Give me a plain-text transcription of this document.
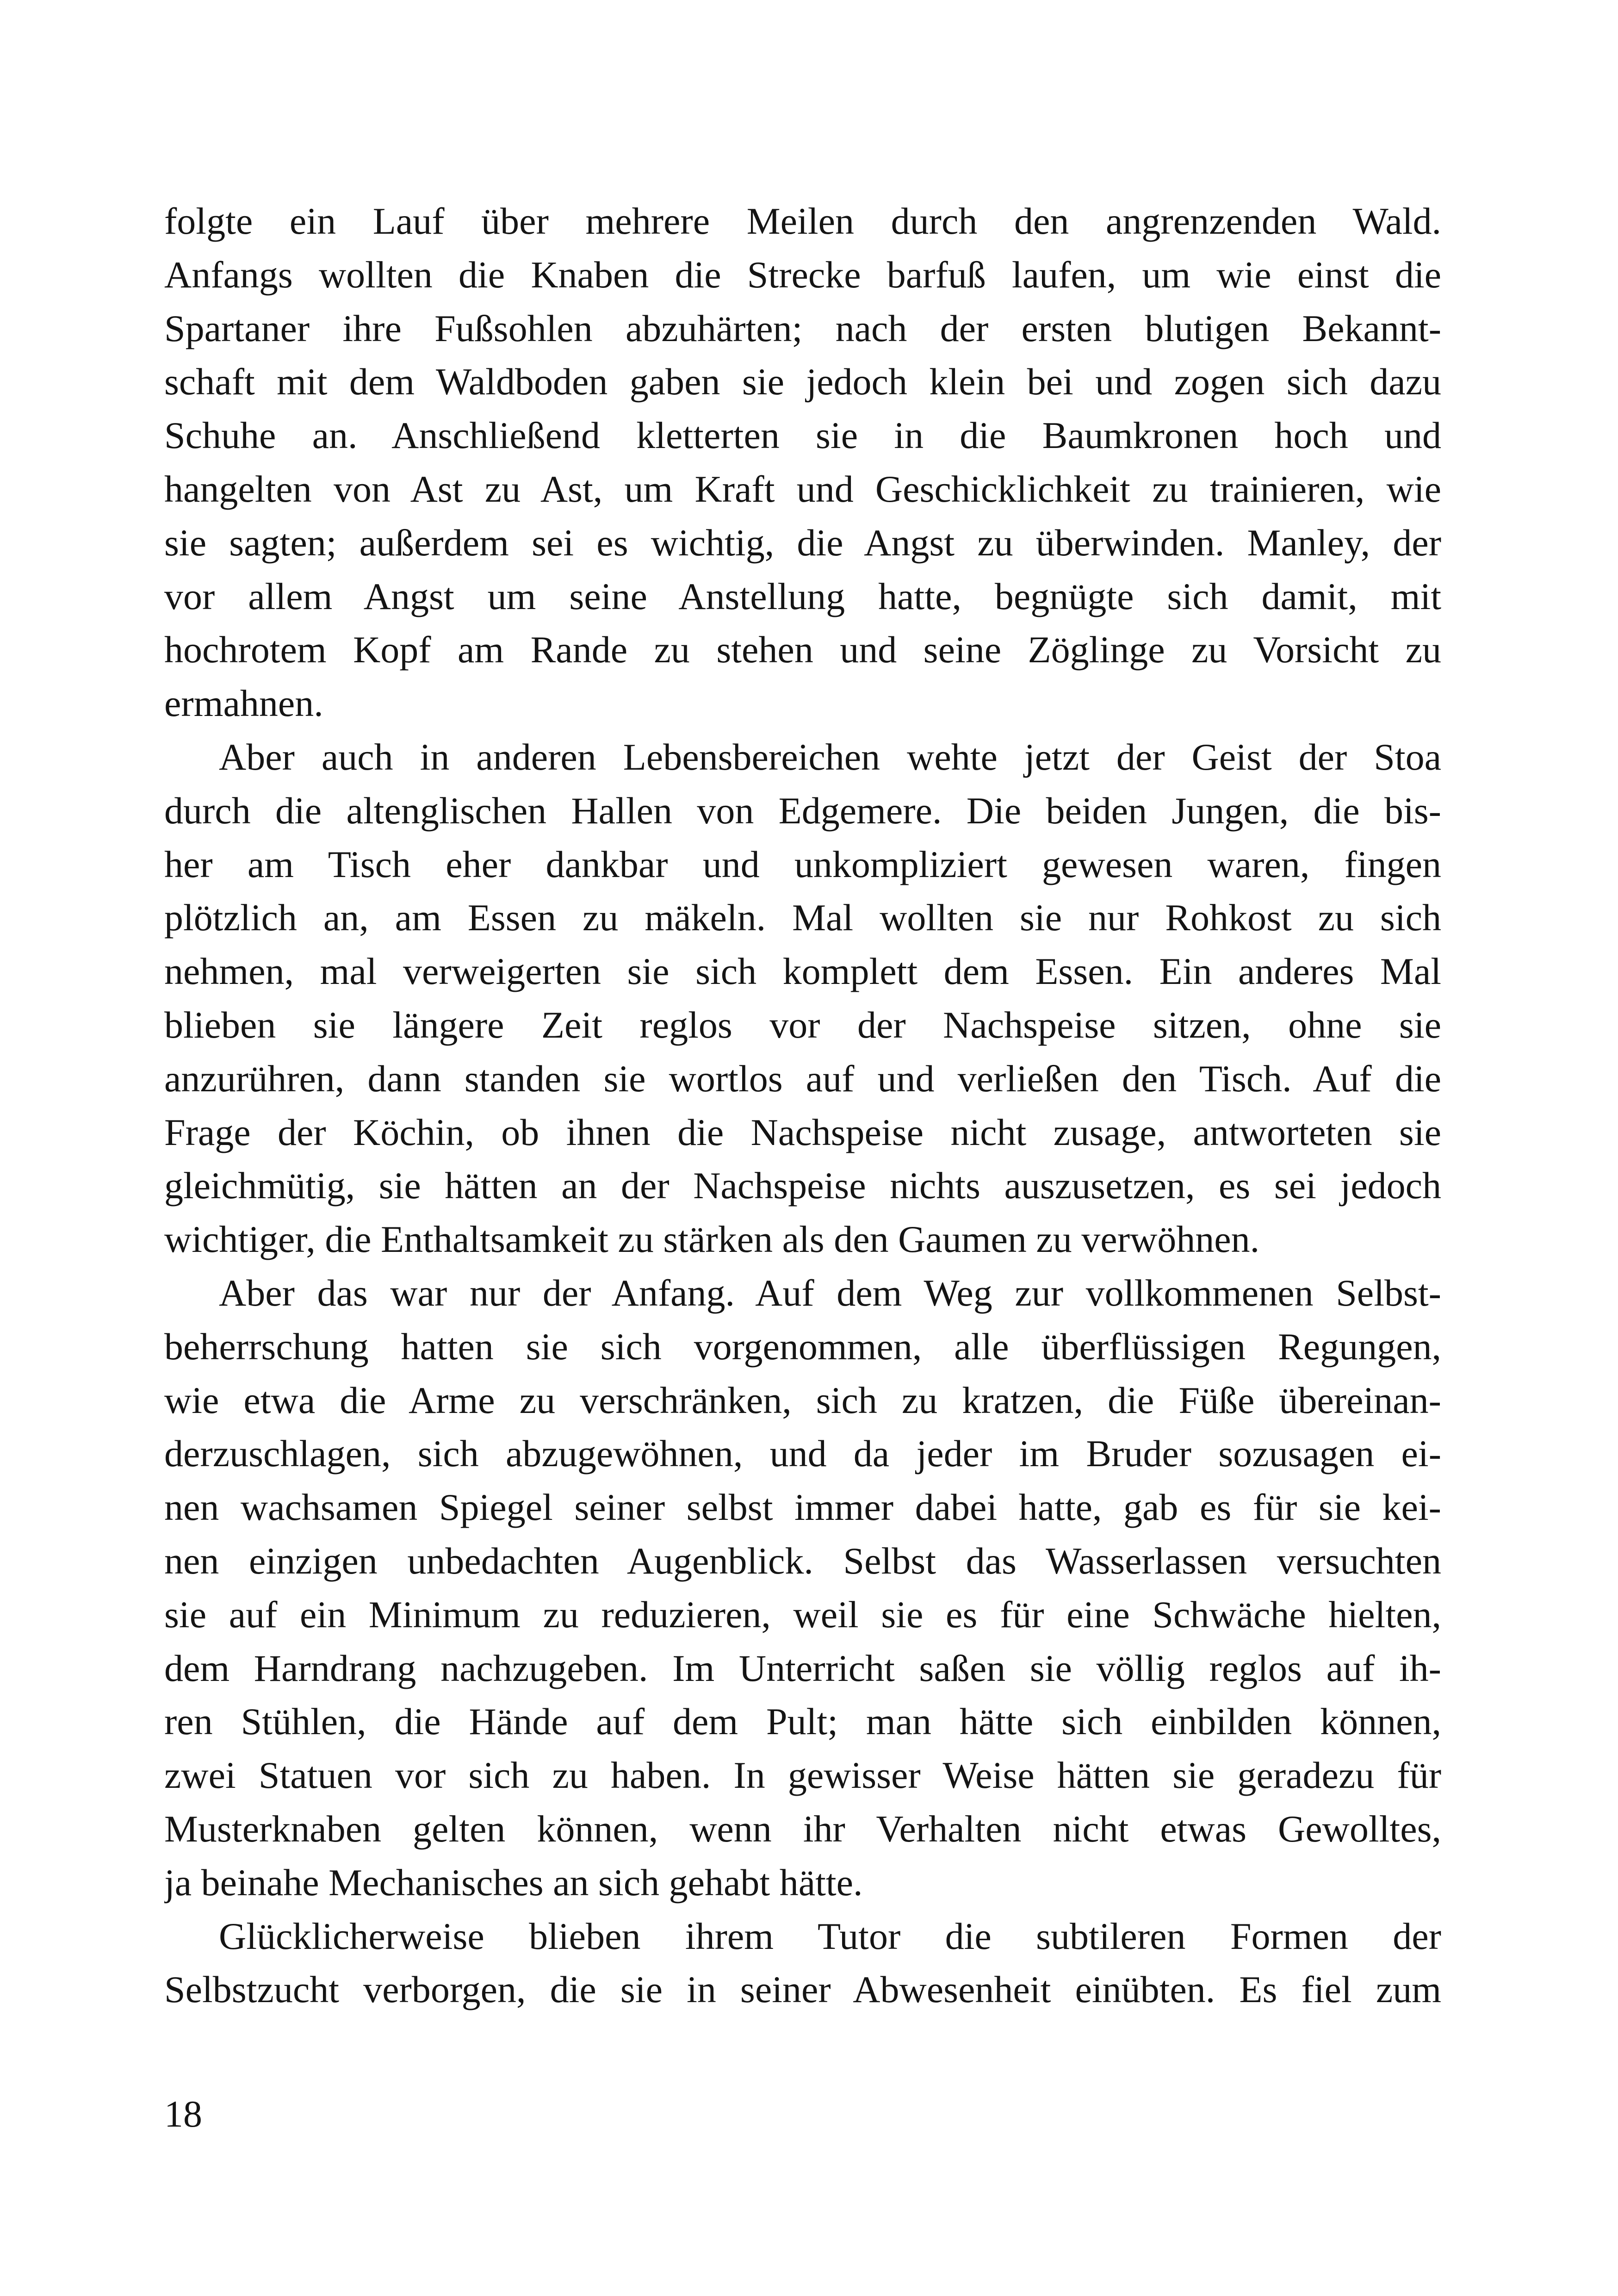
folgte ein Lauf über mehrere Meilen durch den angrenzenden Wald.
Anfangs wollten die Knaben die Strecke barfuß laufen, um wie einst die
Spartaner ihre Fußsohlen abzuhärten; nach der ersten blutigen Bekannt-
schaft mit dem Waldboden gaben sie jedoch klein bei und zogen sich dazu
Schuhe an. Anschließend kletterten sie in die Baumkronen hoch und
hangelten von Ast zu Ast, um Kraft und Geschicklichkeit zu trainieren, wie
sie sagten; außerdem sei es wichtig, die Angst zu überwinden. Manley, der
vor allem Angst um seine Anstellung hatte, begnügte sich damit, mit
hochrotem Kopf am Rande zu stehen und seine Zöglinge zu Vorsicht zu
ermahnen.
Aber auch in anderen Lebensbereichen wehte jetzt der Geist der Stoa
durch die altenglischen Hallen von Edgemere. Die beiden Jungen, die bis-
her am Tisch eher dankbar und unkompliziert gewesen waren, fingen
plötzlich an, am Essen zu mäkeln. Mal wollten sie nur Rohkost zu sich
nehmen, mal verweigerten sie sich komplett dem Essen. Ein anderes Mal
blieben sie längere Zeit reglos vor der Nachspeise sitzen, ohne sie
anzurühren, dann standen sie wortlos auf und verließen den Tisch. Auf die
Frage der Köchin, ob ihnen die Nachspeise nicht zusage, antworteten sie
gleichmütig, sie hätten an der Nachspeise nichts auszusetzen, es sei jedoch
wichtiger, die Enthaltsamkeit zu stärken als den Gaumen zu verwöhnen.
Aber das war nur der Anfang. Auf dem Weg zur vollkommenen Selbst-
beherrschung hatten sie sich vorgenommen, alle überflüssigen Regungen,
wie etwa die Arme zu verschränken, sich zu kratzen, die Füße übereinan-
derzuschlagen, sich abzugewöhnen, und da jeder im Bruder sozusagen ei-
nen wachsamen Spiegel seiner selbst immer dabei hatte, gab es für sie kei-
nen einzigen unbedachten Augenblick. Selbst das Wasserlassen versuchten
sie auf ein Minimum zu reduzieren, weil sie es für eine Schwäche hielten,
dem Harndrang nachzugeben. Im Unterricht saßen sie völlig reglos auf ih-
ren Stühlen, die Hände auf dem Pult; man hätte sich einbilden können,
zwei Statuen vor sich zu haben. In gewisser Weise hätten sie geradezu für
Musterknaben gelten können, wenn ihr Verhalten nicht etwas Gewolltes,
ja beinahe Mechanisches an sich gehabt hätte.
Glücklicherweise blieben ihrem Tutor die subtileren Formen der
Selbstzucht verborgen, die sie in seiner Abwesenheit einübten. Es fiel zum
18
